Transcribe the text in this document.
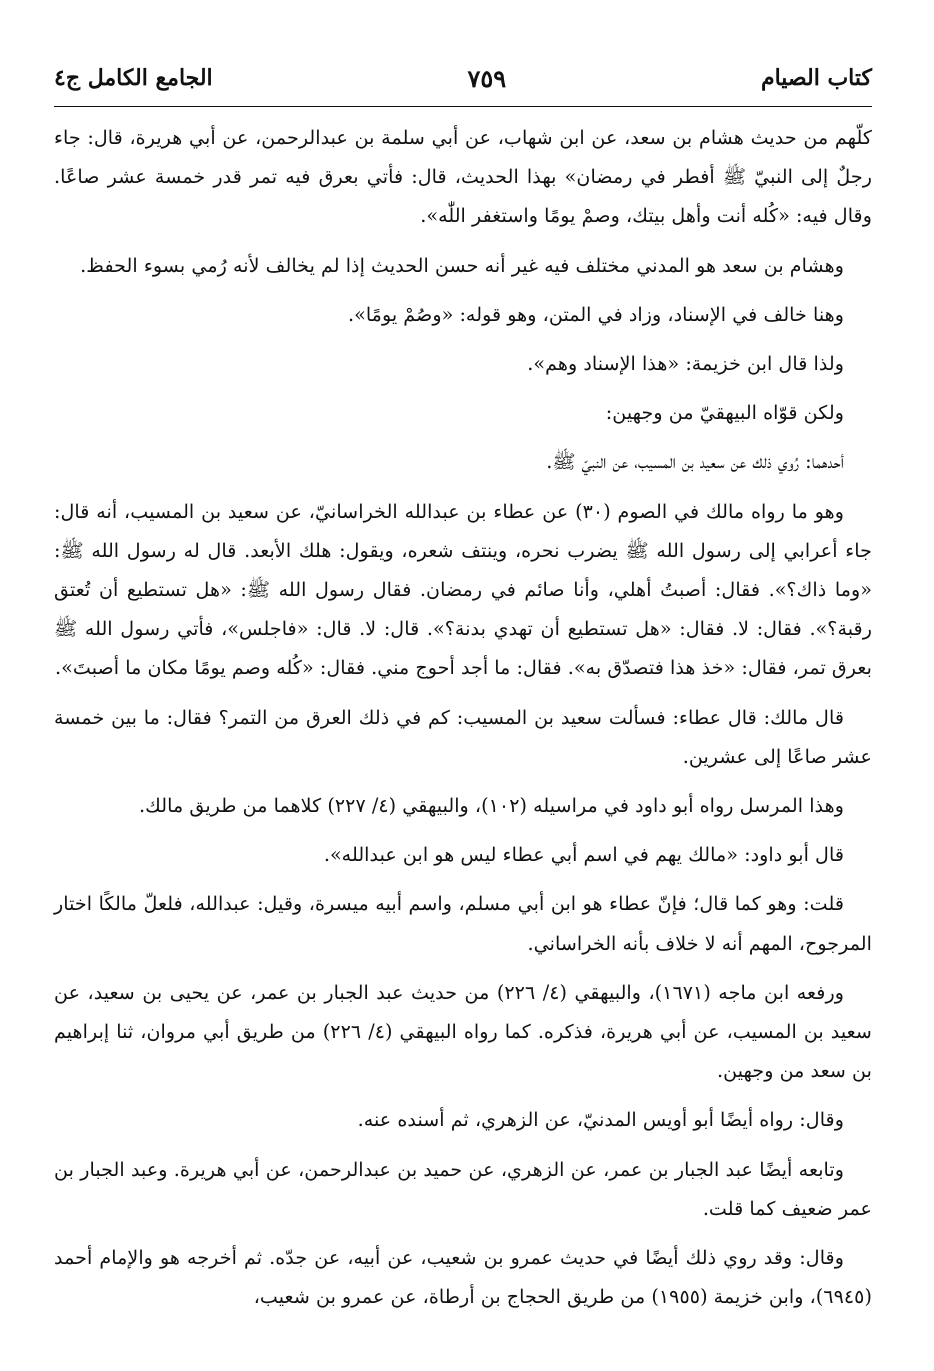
كتاب الصيام
٧٥٩
الجامع الكامل ج٤

كلّهم من حديث هشام بن سعد، عن ابن شهاب، عن أبي سلمة بن عبدالرحمن، عن أبي هريرة، قال: جاء رجلٌ إلى النبيّ ﷺ أفطر في رمضان» بهذا الحديث، قال: فأتي بعرق فيه تمر قدر خمسة عشر صاعًا. وقال فيه: «كُله أنت وأهل بيتك، وصمْ يومًا واستغفر اللّٰه».

وهشام بن سعد هو المدني مختلف فيه غير أنه حسن الحديث إذا لم يخالف لأنه رُمي بسوء الحفظ.

وهنا خالف في الإسناد، وزاد في المتن، وهو قوله: «وصُمْ يومًا».

ولذا قال ابن خزيمة: «هذا الإسناد وهم».

ولكن قوّاه البيهقيّ من وجهين:

أحدهما: رُوي ذلك عن سعيد بن المسيب، عن النبيّ ﷺ.

وهو ما رواه مالك في الصوم (٣٠) عن عطاء بن عبدالله الخراسانيّ، عن سعيد بن المسيب، أنه قال: جاء أعرابي إلى رسول الله ﷺ يضرب نحره، وينتف شعره، ويقول: هلك الأبعد. قال له رسول الله ﷺ: «وما ذاك؟». فقال: أصبتُ أهلي، وأنا صائم في رمضان. فقال رسول الله ﷺ: «هل تستطيع أن تُعتق رقبة؟». فقال: لا. فقال: «هل تستطيع أن تهدي بدنة؟». قال: لا. قال: «فاجلس»، فأتي رسول الله ﷺ بعرق تمر، فقال: «خذ هذا فتصدّق به». فقال: ما أجد أحوج مني. فقال: «كُله وصم يومًا مكان ما أصبتَ».

قال مالك: قال عطاء: فسألت سعيد بن المسيب: كم في ذلك العرق من التمر؟ فقال: ما بين خمسة عشر صاعًا إلى عشرين.

وهذا المرسل رواه أبو داود في مراسيله (١٠٢)، والبيهقي (٤/ ٢٢٧) كلاهما من طريق مالك.

قال أبو داود: «مالك يهم في اسم أبي عطاء ليس هو ابن عبدالله».

قلت: وهو كما قال؛ فإنّ عطاء هو ابن أبي مسلم، واسم أبيه ميسرة، وقيل: عبدالله، فلعلّ مالكًا اختار المرجوح، المهم أنه لا خلاف بأنه الخراساني.

ورفعه ابن ماجه (١٦٧١)، والبيهقي (٤/ ٢٢٦) من حديث عبد الجبار بن عمر، عن يحيى بن سعيد، عن سعيد بن المسيب، عن أبي هريرة، فذكره. كما رواه البيهقي (٤/ ٢٢٦) من طريق أبي مروان، ثنا إبراهيم بن سعد من وجهين.

وقال: رواه أيضًا أبو أويس المدنيّ، عن الزهري، ثم أسنده عنه.

وتابعه أيضًا عبد الجبار بن عمر، عن الزهري، عن حميد بن عبدالرحمن، عن أبي هريرة. وعبد الجبار بن عمر ضعيف كما قلت.

وقال: وقد روي ذلك أيضًا في حديث عمرو بن شعيب، عن أبيه، عن جدّه. ثم أخرجه هو والإمام أحمد (٦٩٤٥)، وابن خزيمة (١٩٥٥) من طريق الحجاج بن أرطاة، عن عمرو بن شعيب،
